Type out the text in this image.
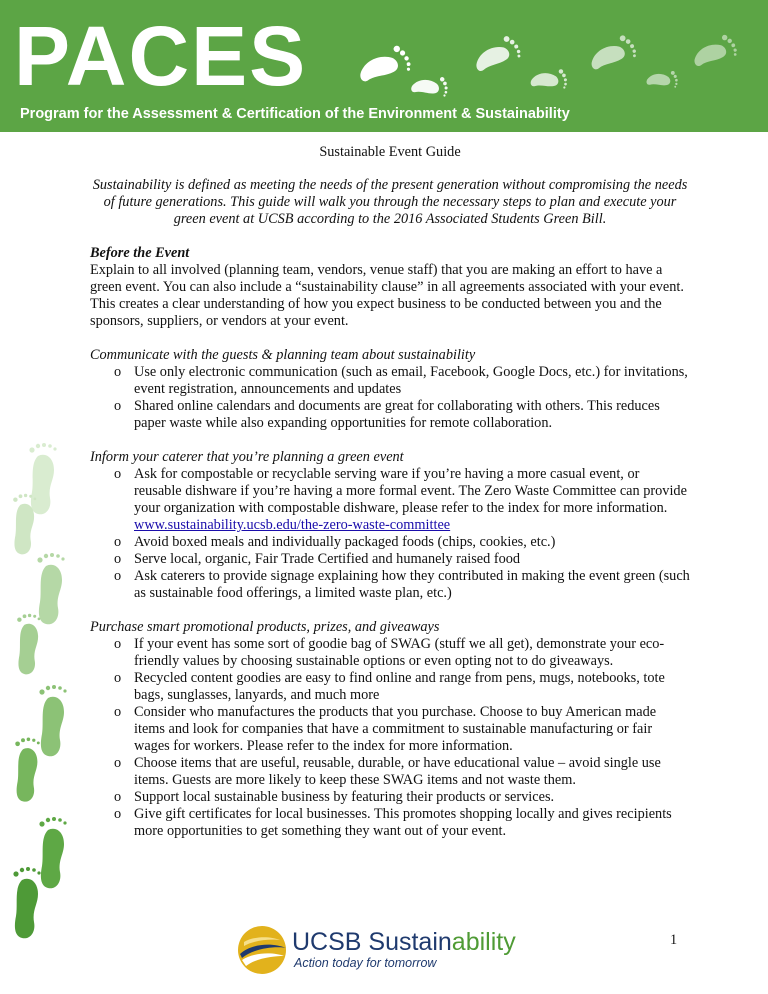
PACES
Program for the Assessment & Certification of the Environment & Sustainability
Sustainable Event Guide
Sustainability is defined as meeting the needs of the present generation without compromising the needs of future generations. This guide will walk you through the necessary steps to plan and execute your green event at UCSB according to the 2016 Associated Students Green Bill.
Before the Event

Explain to all involved (planning team, vendors, venue staff) that you are making an effort to have a green event. You can also include a “sustainability clause” in all agreements associated with your event. This creates a clear understanding of how you expect business to be conducted between you and the sponsors, suppliers, or vendors at your event.

Communicate with the guests & planning team about sustainability
o Use only electronic communication (such as email, Facebook, Google Docs, etc.) for invitations, event registration, announcements and updates
o Shared online calendars and documents are great for collaborating with others. This reduces paper waste while also expanding opportunities for remote collaboration.
Inform your caterer that you’re planning a green event
o Ask for compostable or recyclable serving ware if you’re having a more casual event, or reusable dishware if you’re having a more formal event. The Zero Waste Committee can provide your organization with compostable dishware, please refer to the index for more information. www.sustainability.ucsb.edu/the-zero-waste-committee
o Avoid boxed meals and individually packaged foods (chips, cookies, etc.)
o Serve local, organic, Fair Trade Certified and humanely raised food
o Ask caterers to provide signage explaining how they contributed in making the event green (such as sustainable food offerings, a limited waste plan, etc.)
Purchase smart promotional products, prizes, and giveaways
o If your event has some sort of goodie bag of SWAG (stuff we all get), demonstrate your eco-friendly values by choosing sustainable options or even opting not to do giveaways.
o Recycled content goodies are easy to find online and range from pens, mugs, notebooks, tote bags, sunglasses, lanyards, and much more
o Consider who manufactures the products that you purchase. Choose to buy American made items and look for companies that have a commitment to sustainable manufacturing or fair wages for workers. Please refer to the index for more information.
o Choose items that are useful, reusable, durable, or have educational value – avoid single use items. Guests are more likely to keep these SWAG items and not waste them.
o Support local sustainable business by featuring their products or services.
o Give gift certificates for local businesses. This promotes shopping locally and gives recipients more opportunities to get something they want out of your event.
UCSB Sustainability
Action today for tomorrow
1
